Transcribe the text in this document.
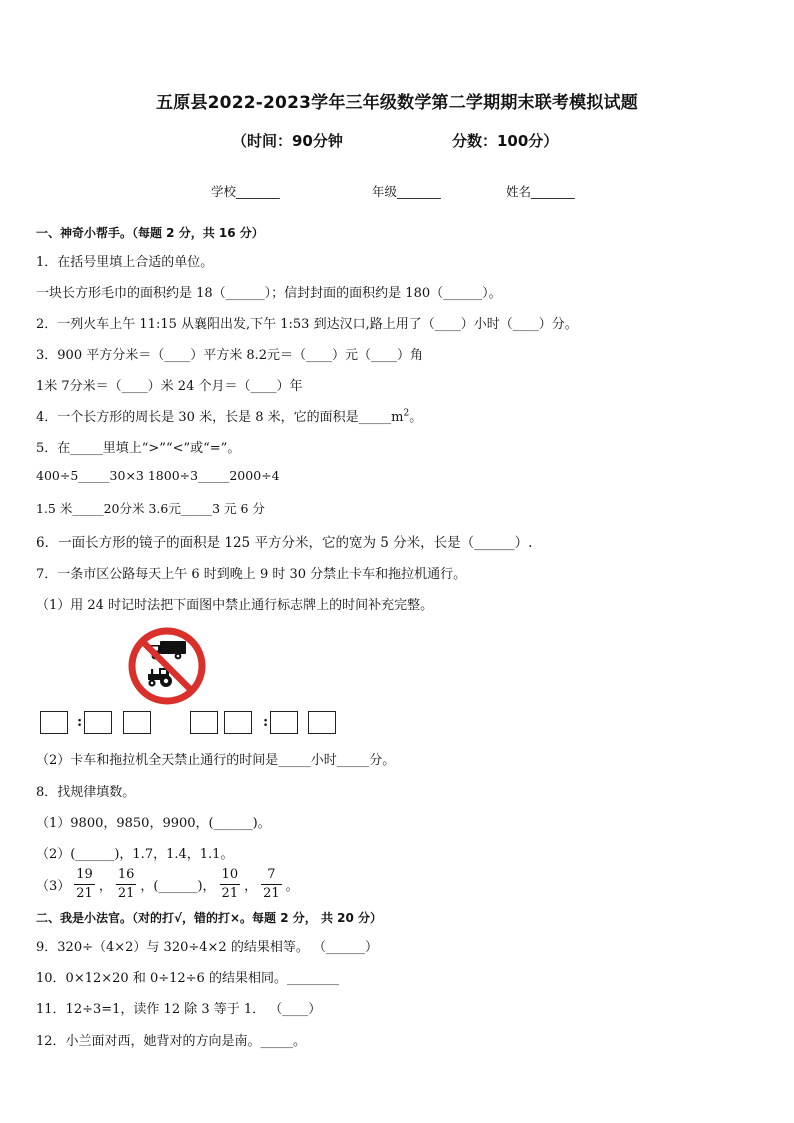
五原县2022-2023学年三年级数学第二学期期末联考模拟试题
（时间：90分钟	分数：100分）
学校_______	年级_______	姓名_______
一、神奇小帮手。（每题 2 分，共 16 分）
1．在括号里填上合适的单位。
一块长方形毛巾的面积约是 18（______）；信封封面的面积约是 180（______）。
2．一列火车上午 11:15 从襄阳出发,下午 1:53 到达汉口,路上用了（____）小时（____）分。
3．900 平方分米＝（____）平方米 8.2元＝（____）元（____）角
1米 7分米＝（____）米 24 个月＝（____）年
4．一个长方形的周长是 30 米，长是 8 米，它的面积是$\_\_\_\_\_m^2$。
5．在_____里填上“>”“<”或“=”。
400÷5_____30×3 1800÷3_____2000÷4
1.5 米_____20分米 3.6元_____3 元 6 分
6．一面长方形的镜子的面积是 125 平方分米，它的宽为 5 分米，长是（______）.
7．一条市区公路每天上午 6 时到晚上 9 时 30 分禁止卡车和拖拉机通行。
（1）用 24 时记时法把下面图中禁止通行标志牌上的时间补充完整。
:	:
（2）卡车和拖拉机全天禁止通行的时间是_____小时_____分。
8．找规律填数。
（1）9800，9850，9900，(______)。
（2）(______)，1.7，1.4，1.1。
$(3) \frac{19}{21}$ ， $\frac{16}{21}$ ，(______)， $\frac{10}{21}$ ， $\frac{7}{21}$ 。
二、我是小法官。（对的打√，错的打×。每题 2 分， 共 20 分）
9．320÷（4×2）与 320÷4×2 的结果相等。 （______）
10．0×12×20 和 0÷12÷6 的结果相同。________
11．12÷3=1，读作 12 除 3 等于 1． （____）
12．小兰面对西，她背对的方向是南。_____。
